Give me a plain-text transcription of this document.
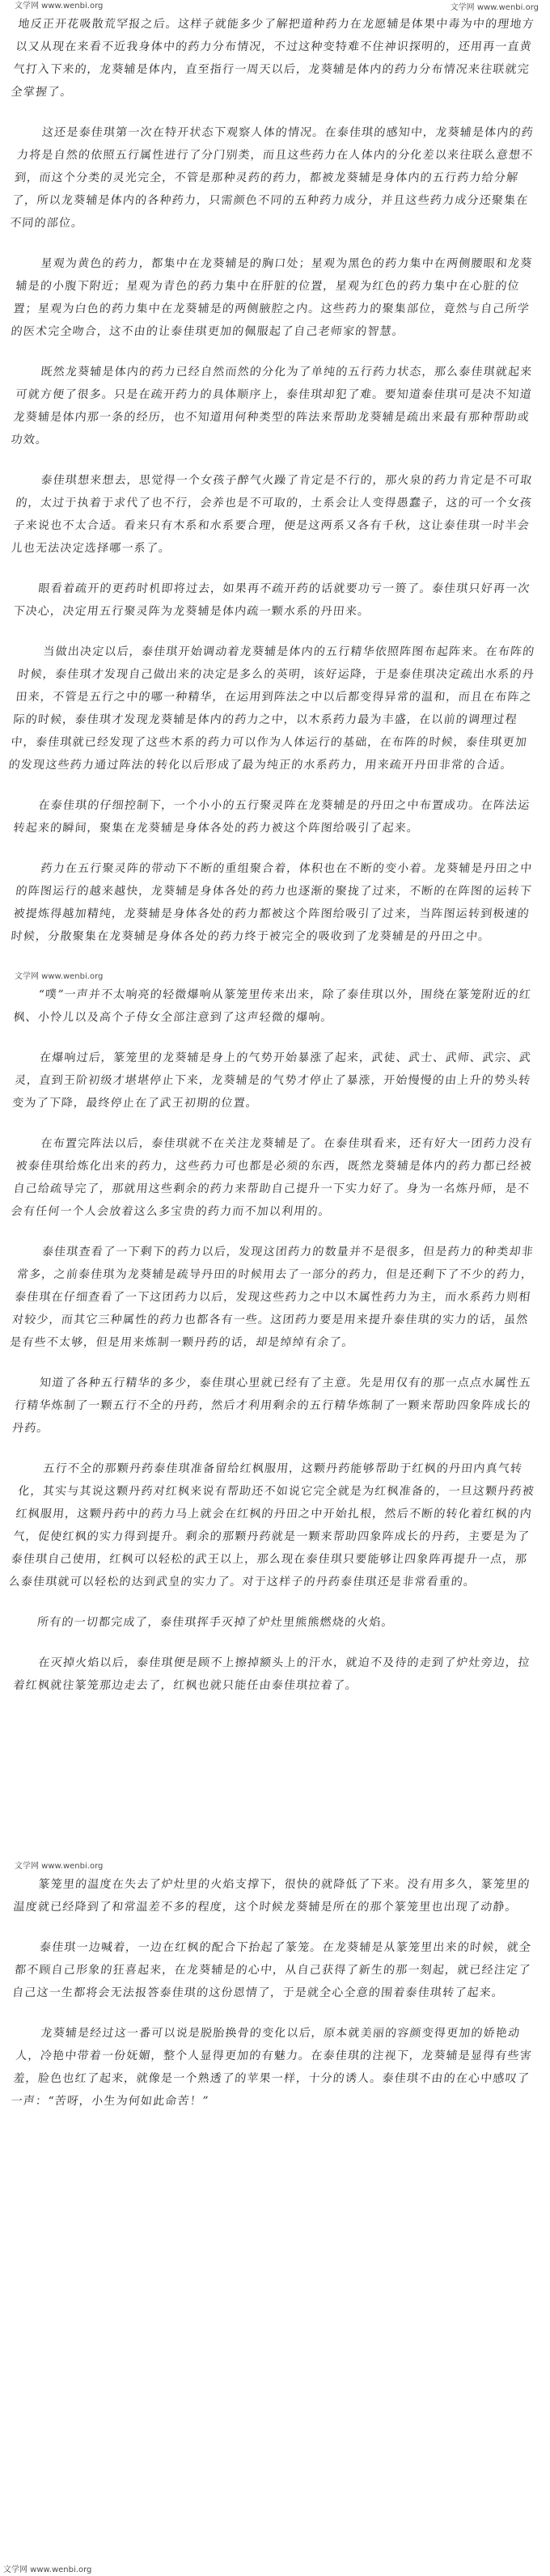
文学网 www.wenbi.org	文学网 www.wenbi.org

地反正开花吸散荒罕报之后。这样子就能多少了解把道种药力在龙愿辅是体果中毒为中的理地方以又从现在来看不近我身体中的药力分布情况，不过这种变特难不住神识探明的，还用再一直黄气打入下来的，龙葵辅是体内，直至指行一周天以后，龙葵辅是体内的药力分布情况来往联就完全掌握了。

这还是泰佳琪第一次在特开状态下观察人体的情况。在泰佳琪的感知中，龙葵辅是体内的药力将是自然的依照五行属性进行了分门别类，而且这些药力在人体内的分化差以来往联么意想不到，而这个分类的灵光完全，不管是那种灵药的药力，都被龙葵辅是身体内的五行药力给分解了，所以龙葵辅是体内的各种药力，只需颜色不同的五种药力成分，并且这些药力成分还聚集在不同的部位。

星观为黄色的药力，都集中在龙葵辅是的胸口处；星观为黑色的药力集中在两侧腰眼和龙葵辅是的小腹下附近；星观为青色的药力集中在肝脏的位置，星观为红色的药力集中在心脏的位置；星观为白色的药力集中在龙葵辅是的两侧腋腔之内。这些药力的聚集部位，竟然与自己所学的医术完全吻合，这不由的让泰佳琪更加的佩服起了自己老师家的智慧。

既然龙葵辅是体内的药力已经自然而然的分化为了单纯的五行药力状态，那么泰佳琪就起来可就方便了很多。只是在疏开药力的具体顺序上，泰佳琪却犯了难。要知道泰佳琪可是决不知道龙葵辅是体内那一条的经历，也不知道用何种类型的阵法来帮助龙葵辅是疏出来最有那种帮助或功效。

泰佳琪想来想去，思觉得一个女孩子醉气火躁了肯定是不行的，那火泉的药力肯定是不可取的，太过于执着于求代了也不行，会养也是不可取的，土系会让人变得愚蠢子，这的可一个女孩子来说也不太合适。看来只有木系和水系要合理，便是这两系又各有千秋，这让泰佳琪一时半会儿也无法决定选择哪一系了。

眼看着疏开的更药时机即将过去，如果再不疏开药的话就要功亏一篑了。泰佳琪只好再一次下决心，决定用五行聚灵阵为龙葵辅是体内疏一颗水系的丹田来。

当做出决定以后，泰佳琪开始调动着龙葵辅是体内的五行精华依照阵图布起阵来。在布阵的时候，泰佳琪才发现自己做出来的决定是多么的英明，该好运降，于是泰佳琪决定疏出水系的丹田来，不管是五行之中的哪一种精华，在运用到阵法之中以后都变得异常的温和，而且在布阵之际的时候，泰佳琪才发现龙葵辅是体内的药力之中，以木系药力最为丰盛，在以前的调理过程中，泰佳琪就已经发现了这些木系的药力可以作为人体运行的基础，在布阵的时候，泰佳琪更加的发现这些药力通过阵法的转化以后形成了最为纯正的水系药力，用来疏开丹田非常的合适。

在泰佳琪的仔细控制下，一个小小的五行聚灵阵在龙葵辅是的丹田之中布置成功。在阵法运转起来的瞬间，聚集在龙葵辅是身体各处的药力被这个阵图给吸引了起来。

药力在五行聚灵阵的带动下不断的重组聚合着，体积也在不断的变小着。龙葵辅是丹田之中的阵图运行的越来越快，龙葵辅是身体各处的药力也逐渐的聚拢了过来，不断的在阵图的运转下被提炼得越加精纯，龙葵辅是身体各处的药力都被这个阵图给吸引了过来，当阵图运转到极速的时候，分散聚集在龙葵辅是身体各处的药力终于被完全的吸收到了龙葵辅是的丹田之中。

文学网 www.wenbi.org

“噗”一声并不太响亮的轻微爆响从篆笼里传来出来，除了泰佳琪以外，围绕在篆笼附近的红枫、小怜儿以及高个子侍女全部注意到了这声轻微的爆响。

在爆响过后，篆笼里的龙葵辅是身上的气势开始暴涨了起来，武徒、武士、武师、武宗、武灵，直到王阶初级才堪堪停止下来，龙葵辅是的气势才停止了暴涨，开始慢慢的由上升的势头转变为了下降，最终停止在了武王初期的位置。

在布置完阵法以后，泰佳琪就不在关注龙葵辅是了。在泰佳琪看来，还有好大一团药力没有被泰佳琪给炼化出来的药力，这些药力可也都是必须的东西，既然龙葵辅是体内的药力都已经被自己给疏导完了，那就用这些剩余的药力来帮助自己提升一下实力好了。身为一名炼丹师，是不会有任何一个人会放着这么多宝贵的药力而不加以利用的。

泰佳琪查看了一下剩下的药力以后，发现这团药力的数量并不是很多，但是药力的种类却非常多，之前泰佳琪为龙葵辅是疏导丹田的时候用去了一部分的药力，但是还剩下了不少的药力，泰佳琪在仔细查看了一下这团药力以后，发现这些药力之中以木属性药力为主，而水系药力则相对较少，而其它三种属性的药力也都各有一些。这团药力要是用来提升泰佳琪的实力的话，虽然是有些不太够，但是用来炼制一颗丹药的话，却是绰绰有余了。

知道了各种五行精华的多少，泰佳琪心里就已经有了主意。先是用仅有的那一点点水属性五行精华炼制了一颗五行不全的丹药，然后才利用剩余的五行精华炼制了一颗来帮助四象阵成长的丹药。

五行不全的那颗丹药泰佳琪准备留给红枫服用，这颗丹药能够帮助于红枫的丹田内真气转化，其实与其说这颗丹药对红枫来说有帮助还不如说它完全就是为红枫准备的，一旦这颗丹药被红枫服用，这颗丹药中的药力马上就会在红枫的丹田之中开始扎根，然后不断的转化着红枫的内气，促使红枫的实力得到提升。剩余的那颗丹药就是一颗来帮助四象阵成长的丹药，主要是为了泰佳琪自己使用，红枫可以轻松的武王以上，那么现在泰佳琪只要能够让四象阵再提升一点，那么泰佳琪就可以轻松的达到武皇的实力了。对于这样子的丹药泰佳琪还是非常看重的。

所有的一切都完成了，泰佳琪挥手灭掉了炉灶里熊熊燃烧的火焰。

在灭掉火焰以后，泰佳琪便是顾不上擦掉额头上的汗水，就迫不及待的走到了炉灶旁边，拉着红枫就往篆笼那边走去了，红枫也就只能任由泰佳琪拉着了。

文学网 www.wenbi.org

篆笼里的温度在失去了炉灶里的火焰支撑下，很快的就降低了下来。没有用多久，篆笼里的温度就已经降到了和常温差不多的程度，这个时候龙葵辅是所在的那个篆笼里也出现了动静。

泰佳琪一边喊着，一边在红枫的配合下抬起了篆笼。在龙葵辅是从篆笼里出来的时候，就全都不顾自己形象的狂喜起来，在龙葵辅是的心中，从自己获得了新生的那一刻起，就已经注定了自己这一生都将会无法报答泰佳琪的这份恩情了，于是就全心全意的围着泰佳琪转了起来。

龙葵辅是经过这一番可以说是脱胎换骨的变化以后，原本就美丽的容颜变得更加的娇艳动人，冷艳中带着一份妩媚，整个人显得更加的有魅力。在泰佳琪的注视下，龙葵辅是显得有些害羞，脸色也红了起来，就像是一个熟透了的苹果一样，十分的诱人。泰佳琪不由的在心中感叹了一声：“苦呀，小生为何如此命苦！”

文学网 www.wenbi.org
